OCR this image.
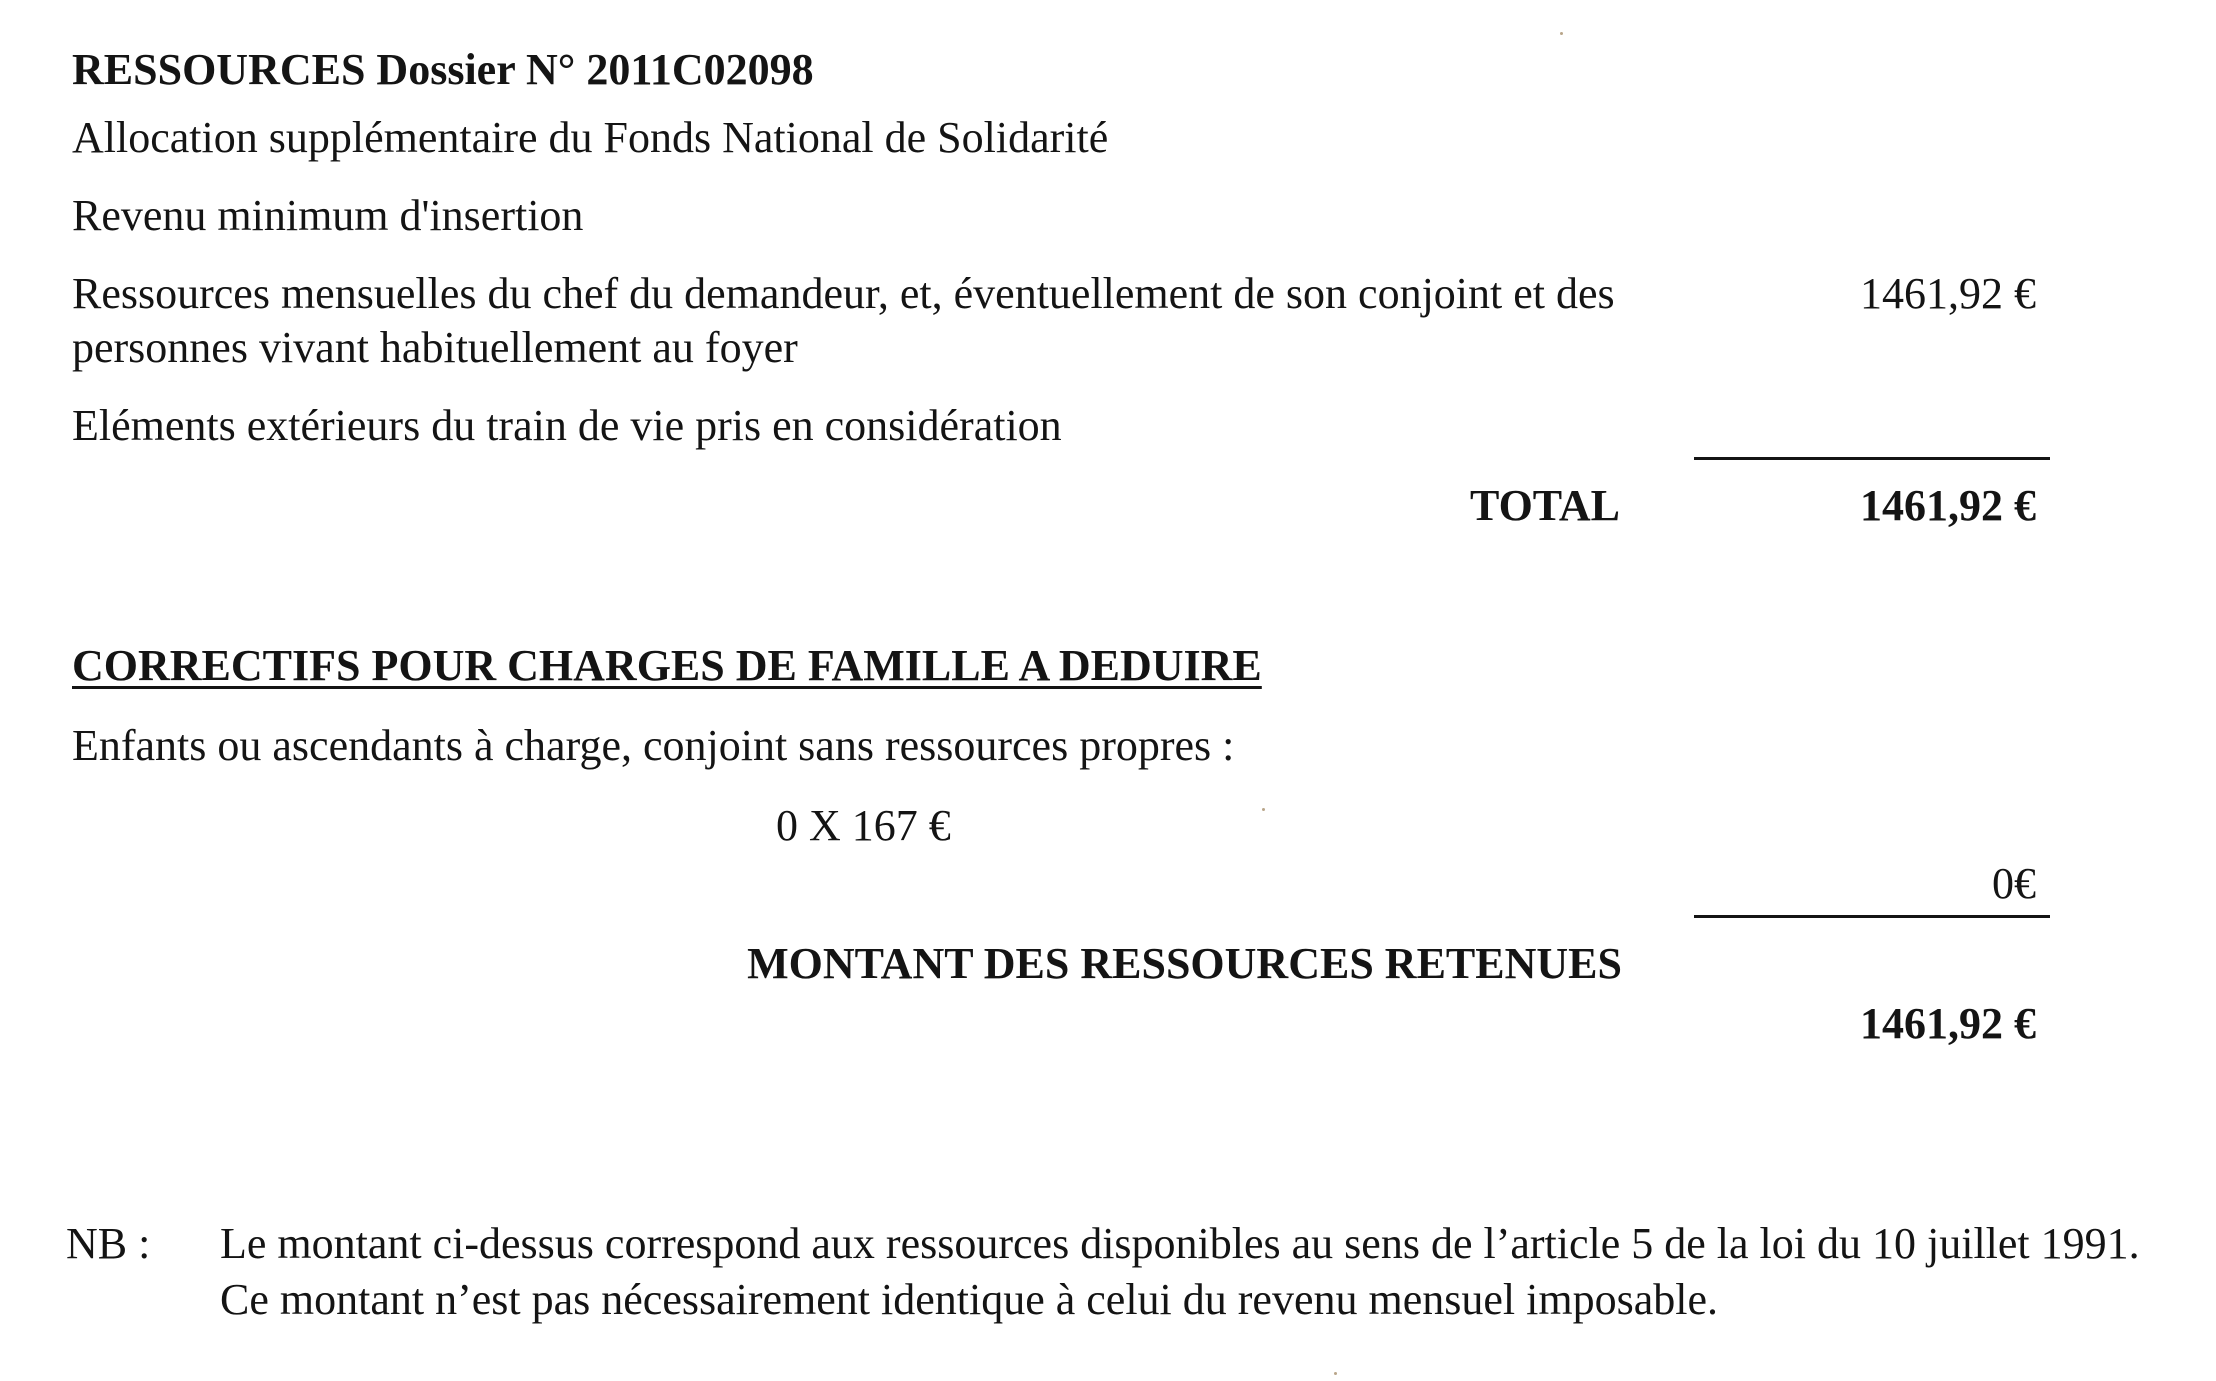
RESSOURCES Dossier N° 2011C02098
Allocation supplémentaire du Fonds National de Solidarité
Revenu minimum d'insertion
Ressources mensuelles du chef du demandeur, et, éventuellement de son conjoint et des
personnes vivant habituellement au foyer
1461,92 €
Eléments extérieurs du train de vie pris en considération
TOTAL	1461,92 €
CORRECTIFS POUR CHARGES DE FAMILLE A DEDUIRE
Enfants ou ascendants à charge, conjoint sans ressources propres :
0 X 167 €
0€
MONTANT DES RESSOURCES RETENUES
1461,92 €
NB : Le montant ci-dessus correspond aux ressources disponibles au sens de l’article 5 de la loi du 10 juillet 1991.
Ce montant n’est pas nécessairement identique à celui du revenu mensuel imposable.
